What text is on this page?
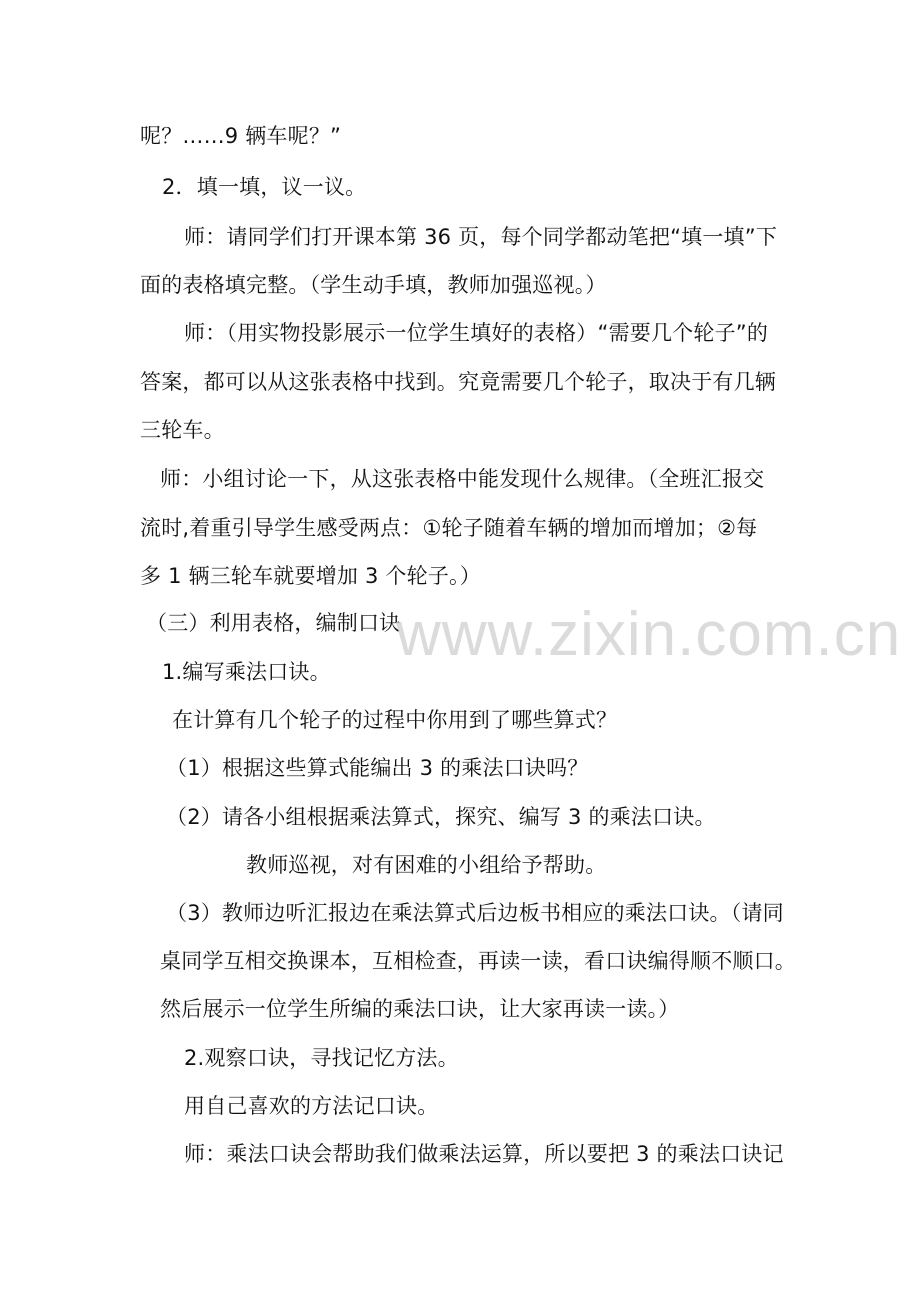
呢？……9 辆车呢？”
2．填一填，议一议。
师：请同学们打开课本第 36 页，每个同学都动笔把“填一填”下
面的表格填完整。（学生动手填，教师加强巡视。）
师：（用实物投影展示一位学生填好的表格）“需要几个轮子”的
答案，都可以从这张表格中找到。究竟需要几个轮子，取决于有几辆
三轮车。
师：小组讨论一下，从这张表格中能发现什么规律。（全班汇报交
流时,着重引导学生感受两点：①轮子随着车辆的增加而增加；②每
多 1 辆三轮车就要增加 3 个轮子。）
（三）利用表格，编制口诀
1.编写乘法口诀。
在计算有几个轮子的过程中你用到了哪些算式？
（1）根据这些算式能编出 3 的乘法口诀吗？
（2）请各小组根据乘法算式，探究、编写 3 的乘法口诀。
教师巡视，对有困难的小组给予帮助。
（3）教师边听汇报边在乘法算式后边板书相应的乘法口诀。（请同
桌同学互相交换课本，互相检查，再读一读，看口诀编得顺不顺口。
然后展示一位学生所编的乘法口诀，让大家再读一读。）
2.观察口诀，寻找记忆方法。
用自己喜欢的方法记口诀。
师：乘法口诀会帮助我们做乘法运算，所以要把 3 的乘法口诀记
www.zixin.com.cn
